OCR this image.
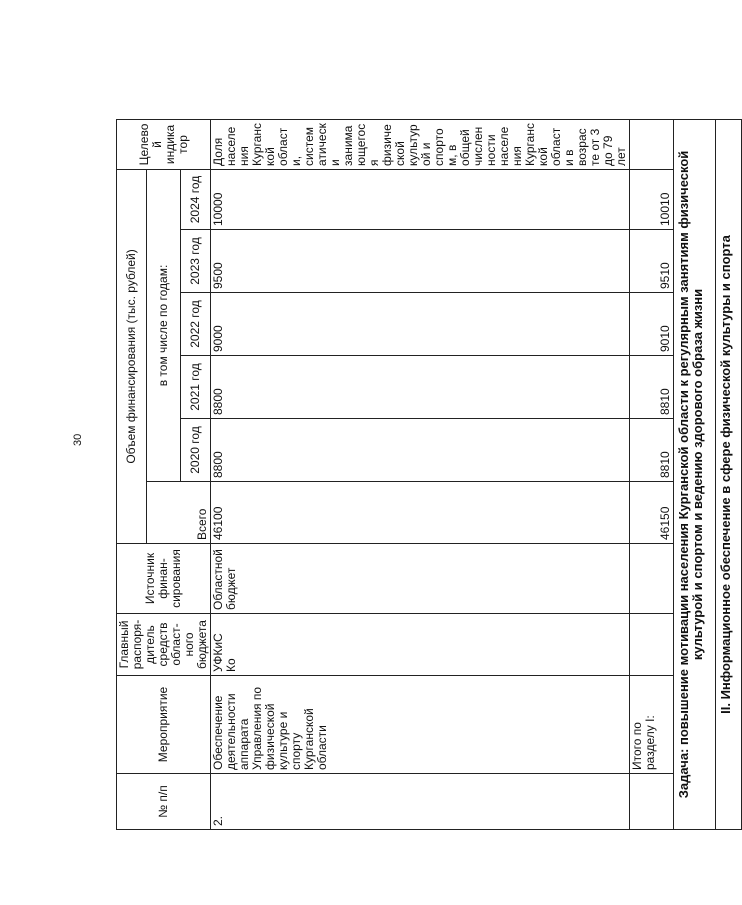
30
№ п/п	Мероприятие	Главный распоря- дитель средств област- ного бюджета	Источник финан- сирования	Объем финансирования (тыс. рублей)						Целевой индикатор
				Всего	в том числе по годам:					
					2020 год	2021 год	2022 год	2023 год	2024 год	
2.	Обеспечение деятельности аппарата Управления по физической культуре и спорту Курганской области	УФКиС Ко	Областной бюджет	46100	8800	8800	9000	9500	10000	Доля населения Курганской области, систематически занимающегося физической культурой и спортом, в общей численности населения Курганской области в возрасте от 3 до 79 лет
	Итого по разделу I:			46150	8810	8810	9010	9510	10010	
Задача: повышение мотивации населения Курганской области к регулярным занятиям физической культурой и спортом и ведению здорового образа жизни										
II. Информационное обеспечение в сфере физической культуры и спорта										
